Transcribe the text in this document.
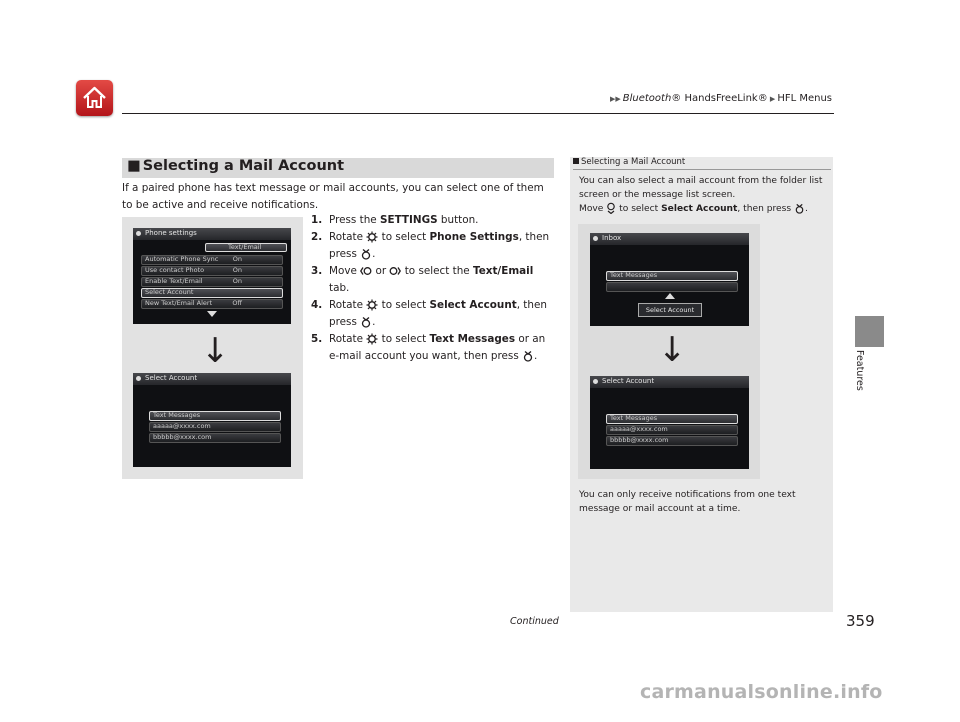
▶▶ Bluetooth® HandsFreeLink® ▶ HFL Menus
Features
■ Selecting a Mail Account
If a paired phone has text message or mail accounts, you can select one of them to be active and receive notifications.
1. Press the SETTINGS button.
2. Rotate  to select Phone Settings, then press .
3. Move  or  to select the Text/Email tab.
4. Rotate  to select Select Account, then press .
5. Rotate  to select Text Messages or an e-mail account you want, then press .
Phone settings
Text/Email
Automatic Phone Sync On
Use contact Photo	On
Enable Text/Email	On
Select Account
New Text/Email Alert	Off
↓
Select Account
Text Messages
aaaaa@xxxx.com
bbbbb@xxxx.com
Selecting a Mail Account
You can also select a mail account from the folder list screen or the message list screen.
Move  to select Select Account, then press .
Inbox
Text Messages
Select Account
↓
Select Account
Text Messages
aaaaa@xxxx.com
bbbbb@xxxx.com
You can only receive notifications from one text message or mail account at a time.
Continued	359
carmanualsonline.info
